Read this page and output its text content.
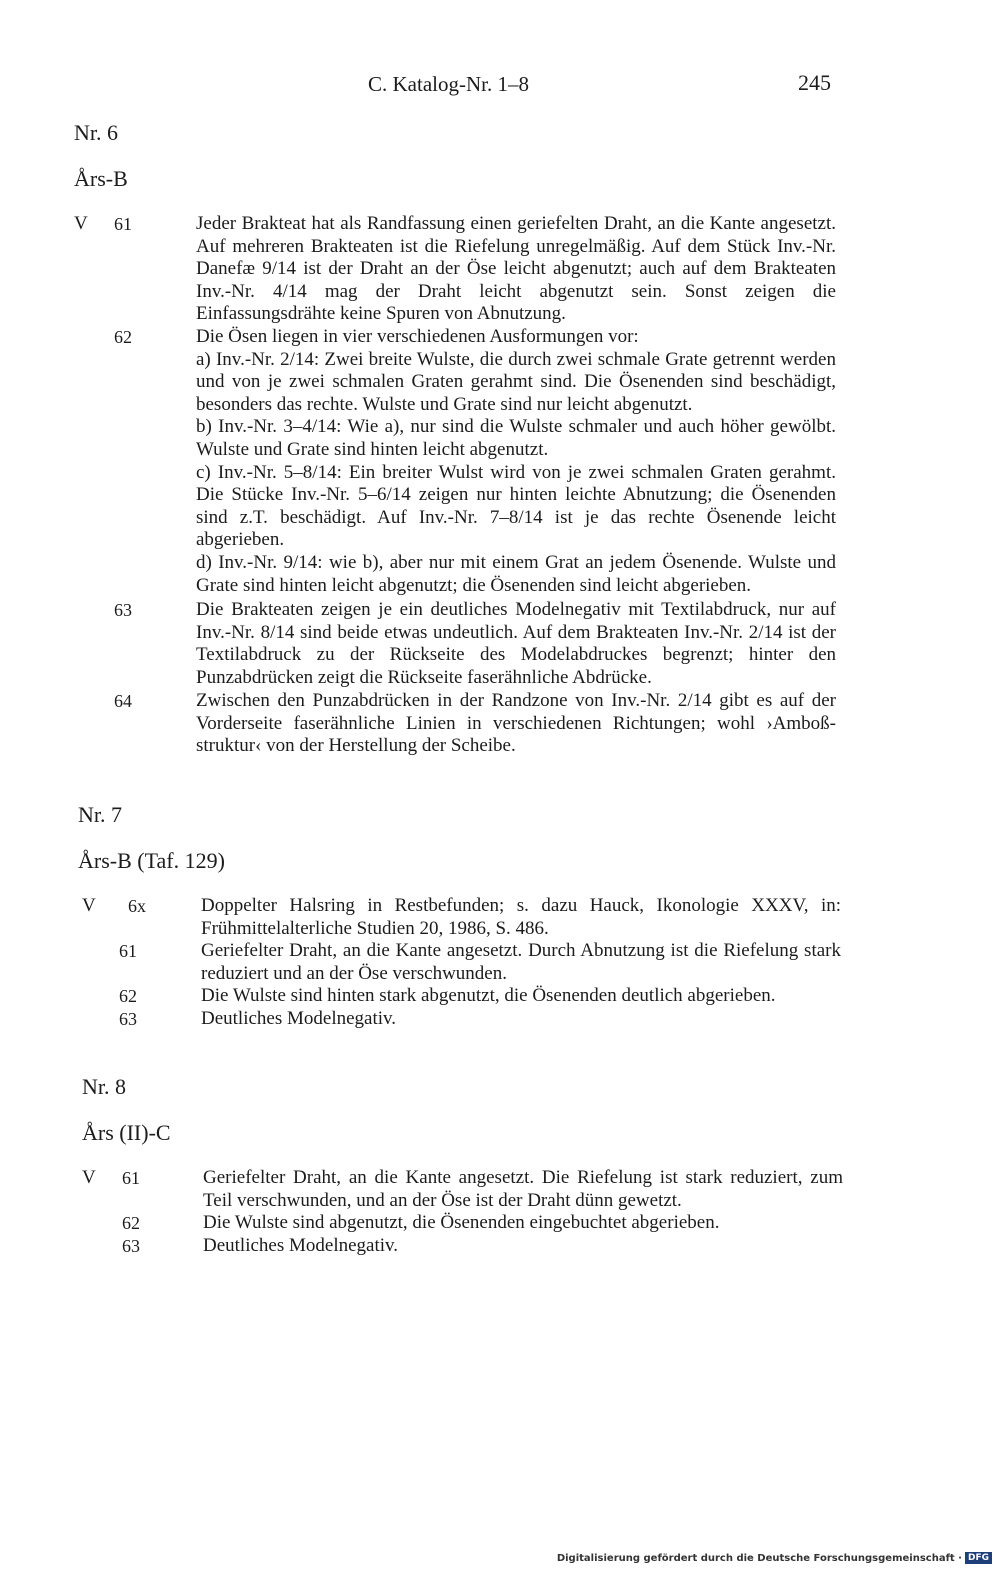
C. Katalog-Nr. 1–8	245
Nr. 6
Års-B
V 61	Jeder Brakteat hat als Randfassung einen geriefelten Draht, an die Kante angesetzt. Auf mehreren Brakteaten ist die Riefelung unregelmäßig. Auf dem Stück Inv.-Nr. Danefæ 9/14 ist der Draht an der Öse leicht abgenutzt; auch auf dem Brakteaten Inv.-Nr. 4/14 mag der Draht leicht abgenutzt sein. Sonst zeigen die Einfassungsdrähte keine Spuren von Abnutzung.
62	Die Ösen liegen in vier verschiedenen Ausformungen vor:
a) Inv.-Nr. 2/14: Zwei breite Wulste, die durch zwei schmale Grate getrennt werden und von je zwei schmalen Graten gerahmt sind. Die Ösenenden sind beschädigt, besonders das rechte. Wulste und Grate sind nur leicht abgenutzt.
b) Inv.-Nr. 3–4/14: Wie a), nur sind die Wulste schmaler und auch höher gewölbt. Wulste und Grate sind hinten leicht abgenutzt.
c) Inv.-Nr. 5–8/14: Ein breiter Wulst wird von je zwei schmalen Graten gerahmt. Die Stücke Inv.-Nr. 5–6/14 zeigen nur hinten leichte Abnutzung; die Ösenenden sind z.T. beschädigt. Auf Inv.-Nr. 7–8/14 ist je das rechte Ösenende leicht abgerieben.
d) Inv.-Nr. 9/14: wie b), aber nur mit einem Grat an jedem Ösenende. Wulste und Grate sind hinten leicht abgenutzt; die Ösenenden sind leicht abgerieben.
63	Die Brakteaten zeigen je ein deutliches Modelnegativ mit Textilabdruck, nur auf Inv.-Nr. 8/14 sind beide etwas undeutlich. Auf dem Brakteaten Inv.-Nr. 2/14 ist der Textilabdruck zu der Rückseite des Modelabdruckes begrenzt; hinter den Punzabdrücken zeigt die Rückseite faserähnliche Abdrücke.
64	Zwischen den Punzabdrücken in der Randzone von Inv.-Nr. 2/14 gibt es auf der Vorderseite faserähnliche Linien in verschiedenen Richtungen; wohl ›Amboß-struktur‹ von der Herstellung der Scheibe.
Nr. 7
Års-B (Taf. 129)
V 6x	Doppelter Halsring in Restbefunden; s. dazu Hauck, Ikonologie XXXV, in: Frühmittelalterliche Studien 20, 1986, S. 486.
61	Geriefelter Draht, an die Kante angesetzt. Durch Abnutzung ist die Riefelung stark reduziert und an der Öse verschwunden.
62	Die Wulste sind hinten stark abgenutzt, die Ösenenden deutlich abgerieben.
63	Deutliches Modelnegativ.
Nr. 8
Års (II)-C
V 61	Geriefelter Draht, an die Kante angesetzt. Die Riefelung ist stark reduziert, zum Teil verschwunden, und an der Öse ist der Draht dünn gewetzt.
62	Die Wulste sind abgenutzt, die Ösenenden eingebuchtet abgerieben.
63	Deutliches Modelnegativ.
Digitalisierung gefördert durch die Deutsche Forschungsgemeinschaft · DFG
